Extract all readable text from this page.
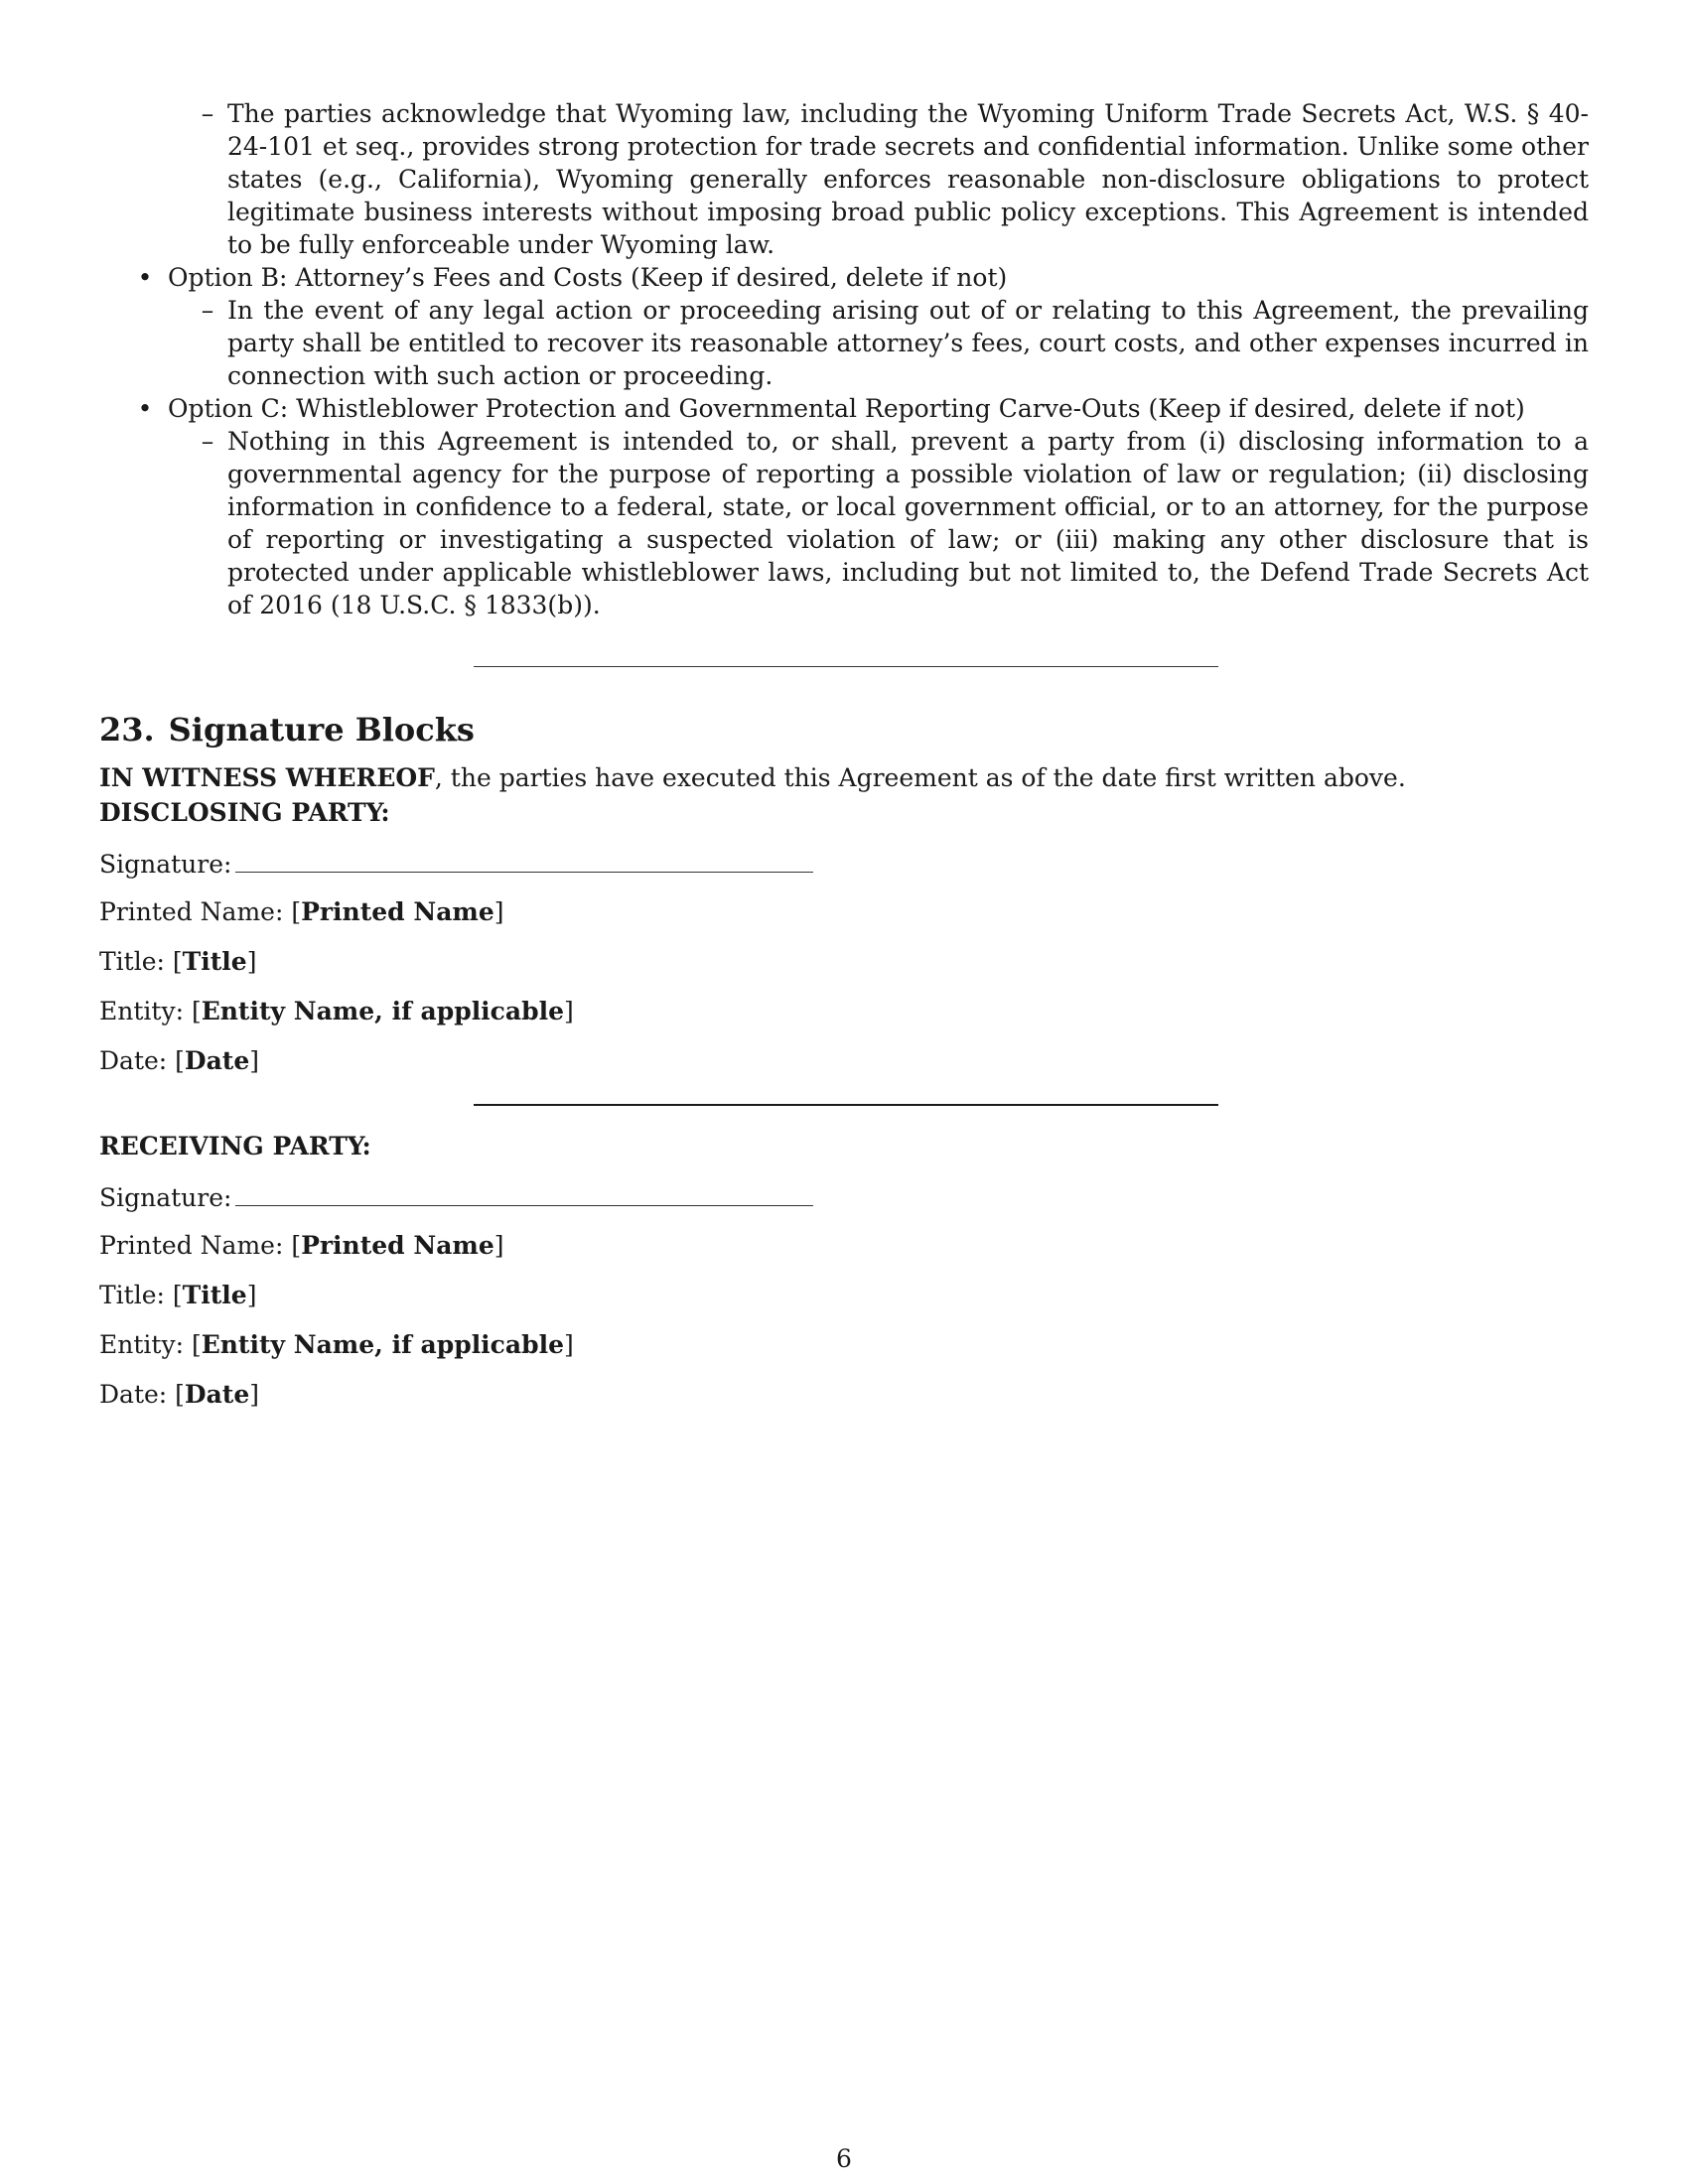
– The parties acknowledge that Wyoming law, including the Wyoming Uniform Trade Secrets Act, W.S. § 40-24-101 et seq., provides strong protection for trade secrets and confidential information. Unlike some other states (e.g., California), Wyoming generally enforces reasonable non-disclosure obligations to protect legitimate business interests without imposing broad public policy exceptions. This Agreement is intended to be fully enforceable under Wyoming law.
• Option B: Attorney’s Fees and Costs (Keep if desired, delete if not)
– In the event of any legal action or proceeding arising out of or relating to this Agreement, the prevailing party shall be entitled to recover its reasonable attorney’s fees, court costs, and other expenses incurred in connection with such action or proceeding.
• Option C: Whistleblower Protection and Governmental Reporting Carve-Outs (Keep if desired, delete if not)
– Nothing in this Agreement is intended to, or shall, prevent a party from (i) disclosing information to a governmental agency for the purpose of reporting a possible violation of law or regulation; (ii) disclosing information in confidence to a federal, state, or local government official, or to an attorney, for the purpose of reporting or investigating a suspected violation of law; or (iii) making any other disclosure that is protected under applicable whistleblower laws, including but not limited to, the Defend Trade Secrets Act of 2016 (18 U.S.C. § 1833(b)).
23. Signature Blocks

IN WITNESS WHEREOF, the parties have executed this Agreement as of the date first written above.

DISCLOSING PARTY:

Signature:
Printed Name: [Printed Name]
Title: [Title]
Entity: [Entity Name, if applicable]
Date: [Date]

RECEIVING PARTY:

Signature:
Printed Name: [Printed Name]
Title: [Title]
Entity: [Entity Name, if applicable]
Date: [Date]
6
